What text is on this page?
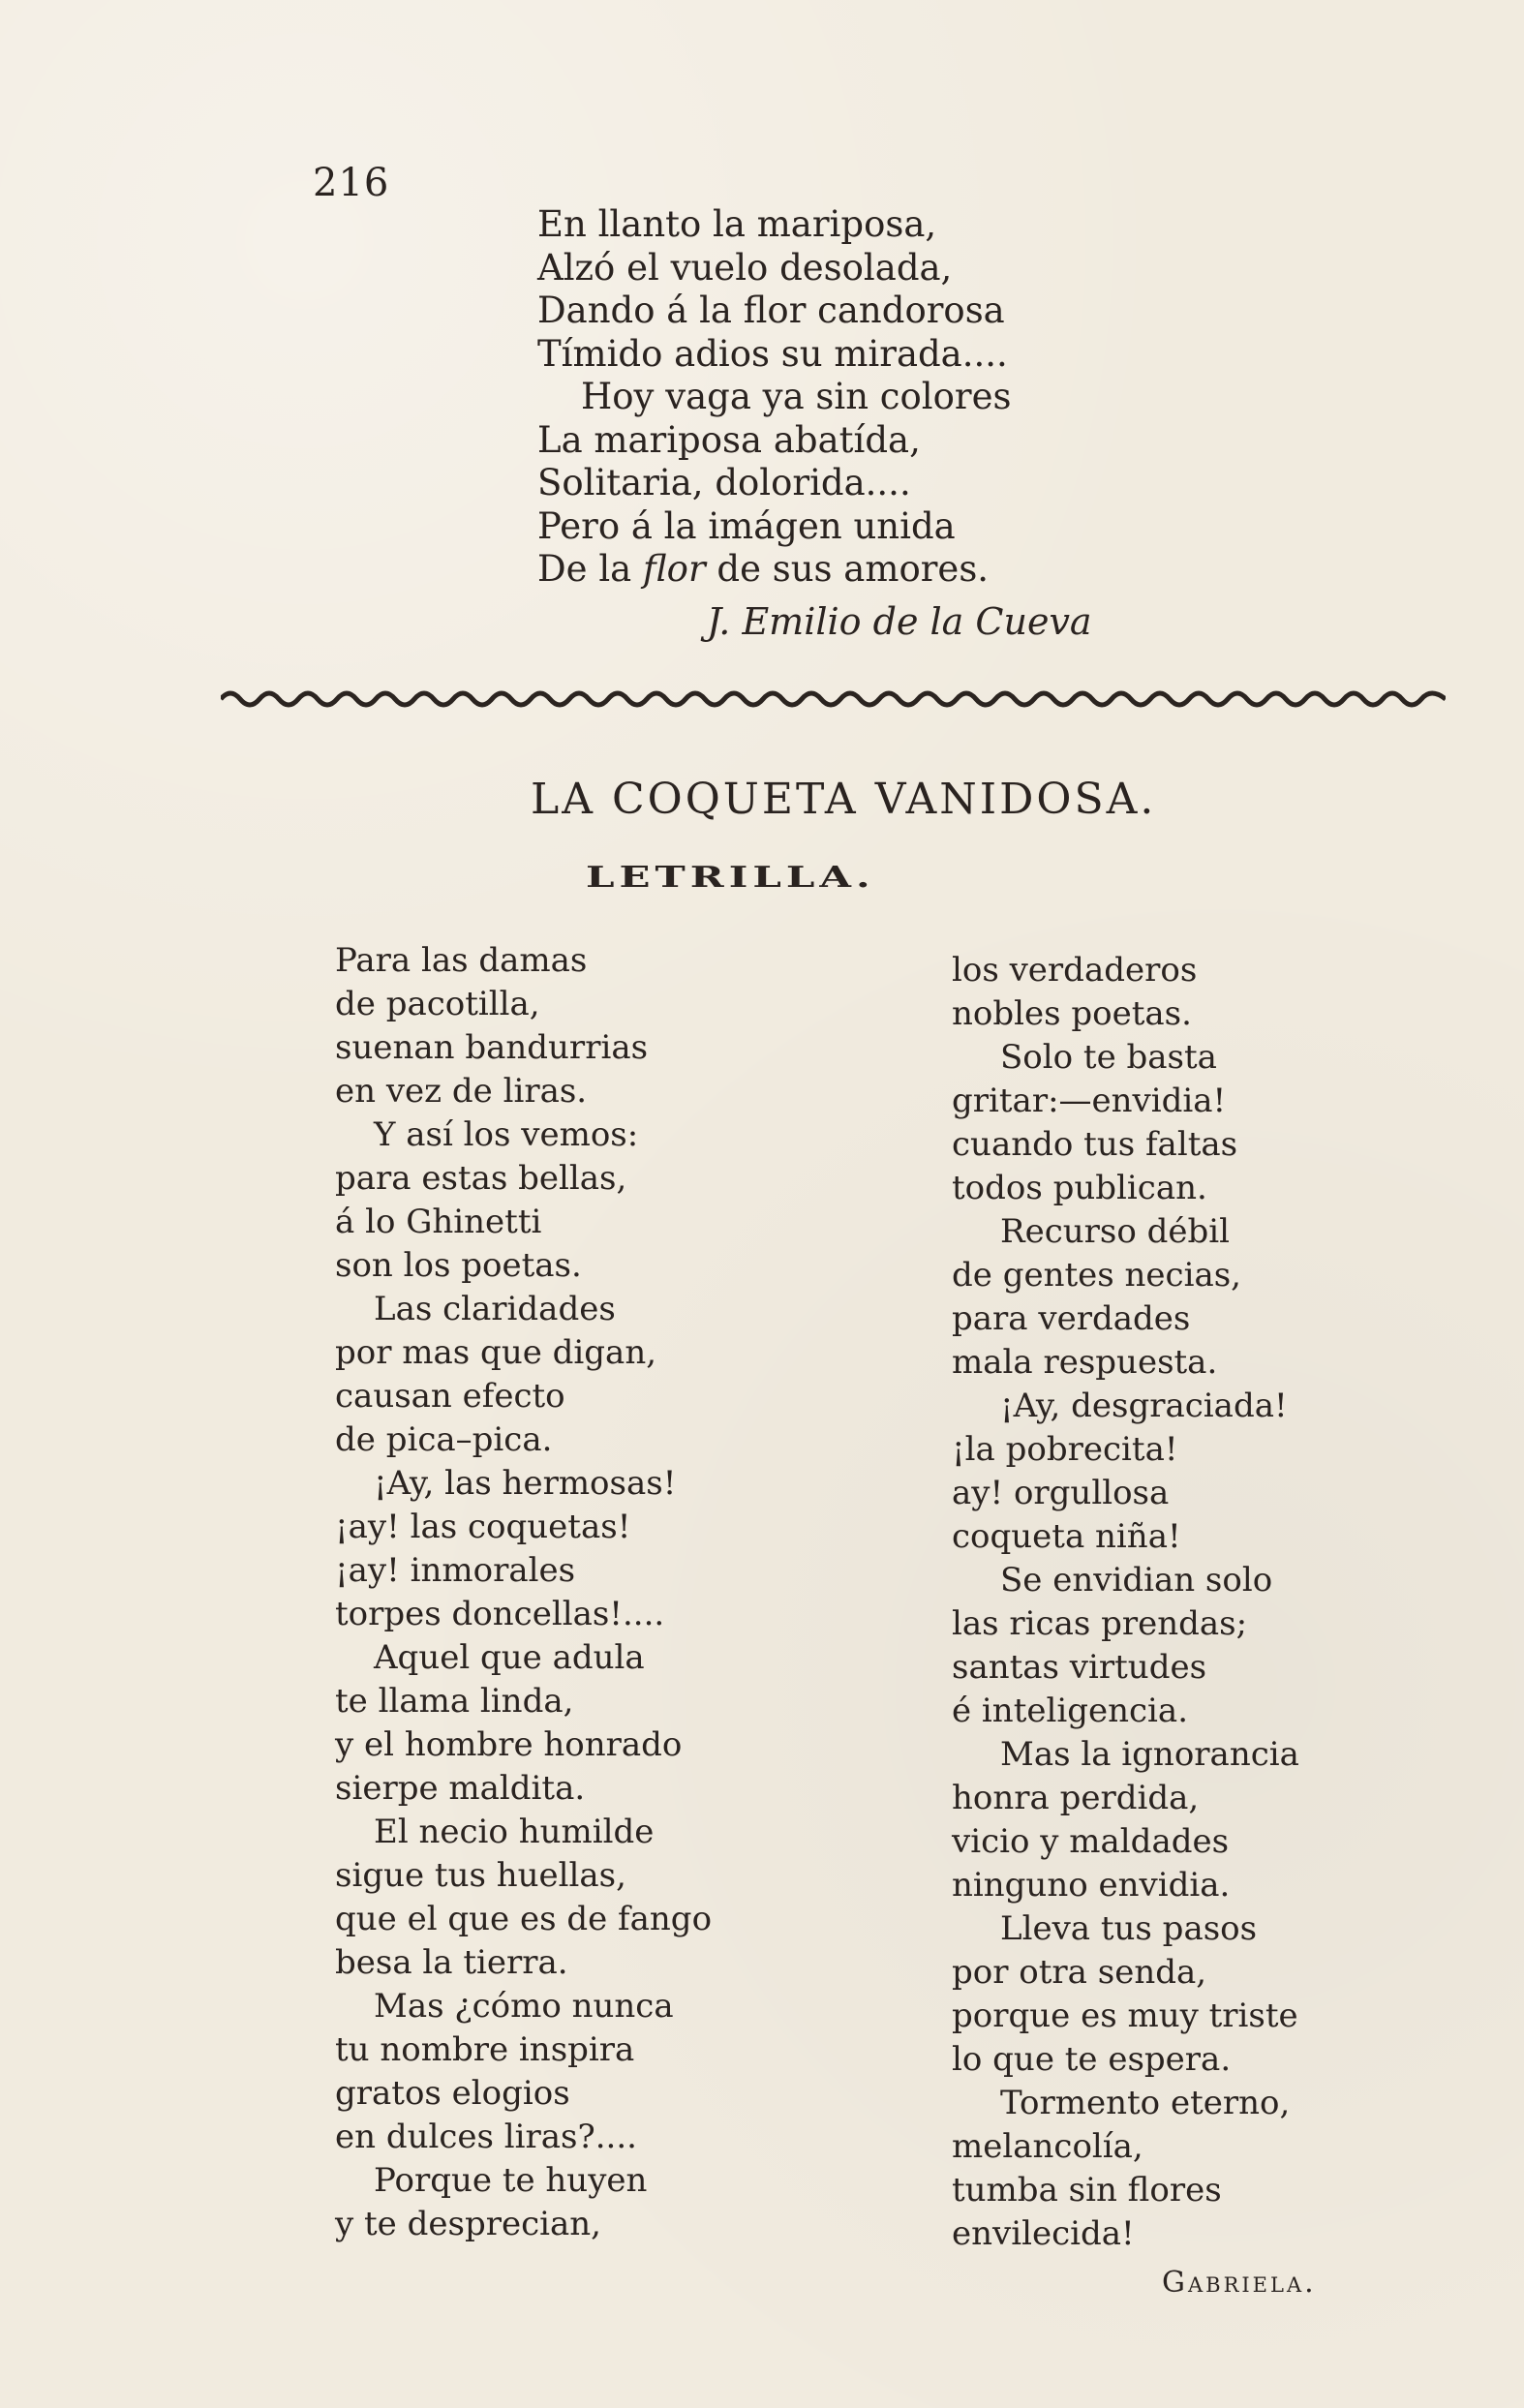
216
En llanto la mariposa,
Alzó el vuelo desolada,
Dando á la flor candorosa
Tímido adios su mirada....
Hoy vaga ya sin colores
La mariposa abatída,
Solitaria, dolorida....
Pero á la imágen unida
De la flor de sus amores.
J. Emilio de la Cueva
LA COQUETA VANIDOSA.
LETRILLA.
Para las damas
de pacotilla,
suenan bandurrias
en vez de liras.
Y así los vemos:
para estas bellas,
á lo Ghinetti
son los poetas.
Las claridades
por mas que digan,
causan efecto
de pica–pica.
¡Ay, las hermosas!
¡ay! las coquetas!
¡ay! inmorales
torpes doncellas!....
Aquel que adula
te llama linda,
y el hombre honrado
sierpe maldita.
El necio humilde
sigue tus huellas,
que el que es de fango
besa la tierra.
Mas ¿cómo nunca
tu nombre inspira
gratos elogios
en dulces liras?....
Porque te huyen
y te desprecian,
los verdaderos
nobles poetas.
Solo te basta
gritar:—envidia!
cuando tus faltas
todos publican.
Recurso débil
de gentes necias,
para verdades
mala respuesta.
¡Ay, desgraciada!
¡la pobrecita!
ay! orgullosa
coqueta niña!
Se envidian solo
las ricas prendas;
santas virtudes
é inteligencia.
Mas la ignorancia
honra perdida,
vicio y maldades
ninguno envidia.
Lleva tus pasos
por otra senda,
porque es muy triste
lo que te espera.
Tormento eterno,
melancolía,
tumba sin flores
envilecida!
Gabriela.
